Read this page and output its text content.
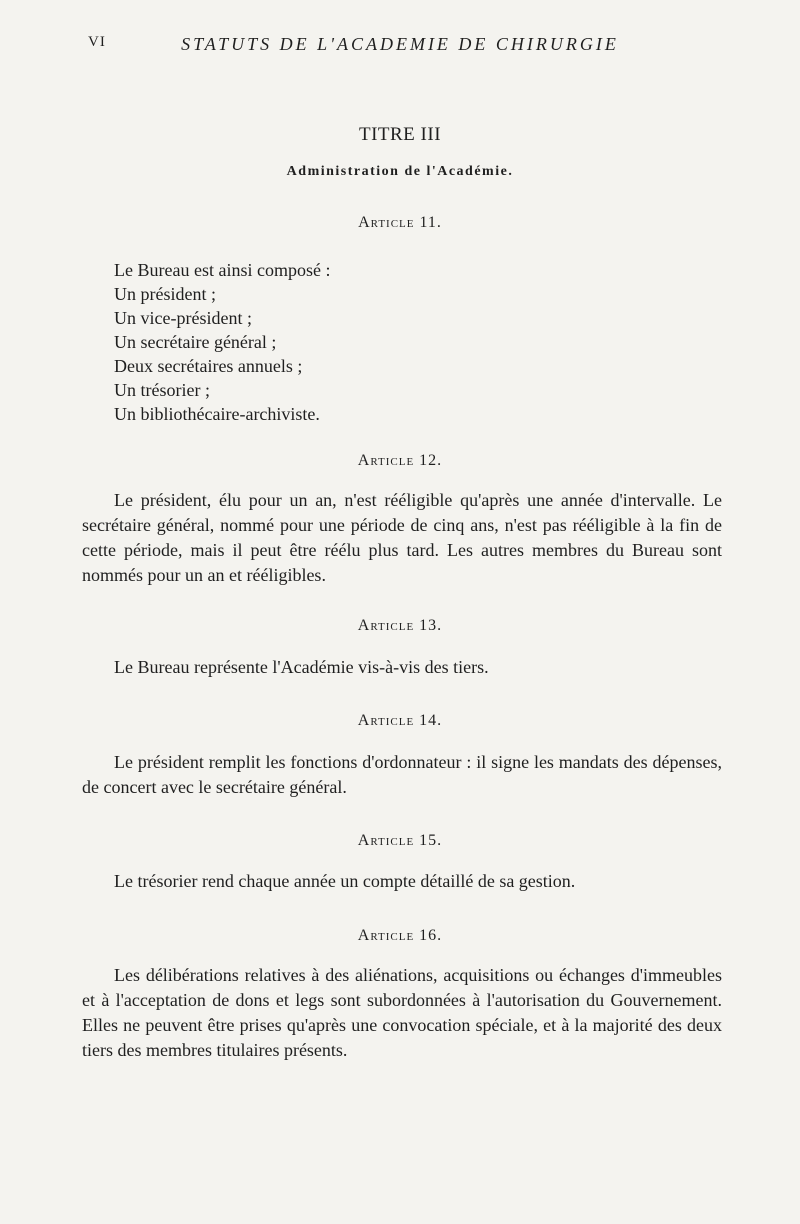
VI	STATUTS DE L'ACADEMIE DE CHIRURGIE
TITRE III
Administration de l'Académie.
Article 11.
Le Bureau est ainsi composé :
Un président ;
Un vice-président ;
Un secrétaire général ;
Deux secrétaires annuels ;
Un trésorier ;
Un bibliothécaire-archiviste.
Article 12.
Le président, élu pour un an, n'est rééligible qu'après une année d'intervalle. Le secrétaire général, nommé pour une période de cinq ans, n'est pas rééligible à la fin de cette période, mais il peut être réélu plus tard. Les autres membres du Bureau sont nommés pour un an et rééligibles.
Article 13.
Le Bureau représente l'Académie vis-à-vis des tiers.
Article 14.
Le président remplit les fonctions d'ordonnateur : il signe les mandats des dépenses, de concert avec le secrétaire général.
Article 15.
Le trésorier rend chaque année un compte détaillé de sa gestion.
Article 16.
Les délibérations relatives à des aliénations, acquisitions ou échanges d'immeubles et à l'acceptation de dons et legs sont subordonnées à l'autorisation du Gouvernement. Elles ne peuvent être prises qu'après une convocation spéciale, et à la majorité des deux tiers des membres titulaires présents.
